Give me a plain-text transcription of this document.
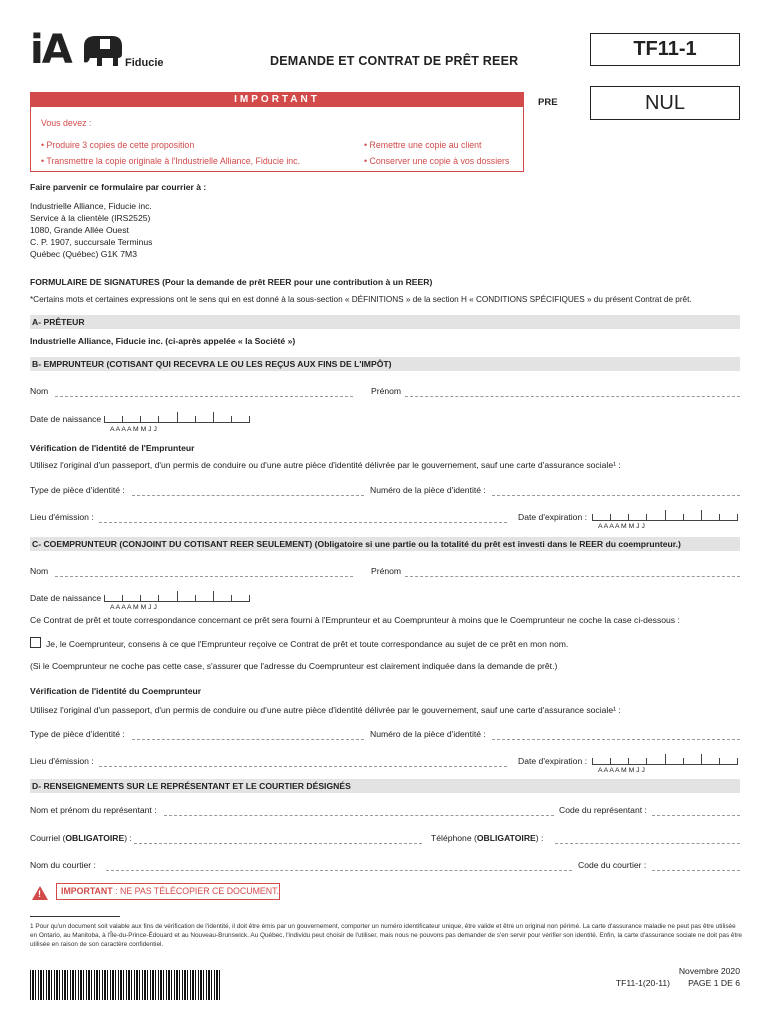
iA	Fiducie	DEMANDE ET CONTRAT DE PRÊT REER
TF11-1
PRE	NUL
IMPORTANT
Vous devez :
• Produire 3 copies de cette proposition	• Remettre une copie au client
• Transmettre la copie originale à l'Industrielle Alliance, Fiducie inc.	• Conserver une copie à vos dossiers
Faire parvenir ce formulaire par courrier à :
Industrielle Alliance, Fiducie inc.
Service à la clientèle (IRS2525)
1080, Grande Allée Ouest
C. P. 1907, succursale Terminus
Québec (Québec) G1K 7M3
FORMULAIRE DE SIGNATURES (Pour la demande de prêt REER pour une contribution à un REER)
*Certains mots et certaines expressions ont le sens qui en est donné à la sous-section « DÉFINITIONS » de la section H « CONDITIONS SPÉCIFIQUES » du présent Contrat de prêt.
A- PRÊTEUR
Industrielle Alliance, Fiducie inc. (ci-après appelée « la Société »)
B- EMPRUNTEUR (COTISANT QUI RECEVRA LE OU LES REÇUS AUX FINS DE L'IMPÔT)
Nom	Prénom
Date de naissance
A A A A M M J J
Vérification de l'identité de l'Emprunteur
Utilisez l'original d'un passeport, d'un permis de conduire ou d'une autre pièce d'identité délivrée par le gouvernement, sauf une carte d'assurance sociale¹ :
Type de pièce d'identité :	Numéro de la pièce d'identité :
Lieu d'émission :	Date d'expiration :
A A A A M M J J
C- COEMPRUNTEUR (CONJOINT DU COTISANT REER SEULEMENT) (Obligatoire si une partie ou la totalité du prêt est investi dans le REER du coemprunteur.)
Nom	Prénom
Date de naissance
A A A A M M J J
Ce Contrat de prêt et toute correspondance concernant ce prêt sera fourni à l'Emprunteur et au Coemprunteur à moins que le Coemprunteur ne coche la case ci-dessous :
Je, le Coemprunteur, consens à ce que l'Emprunteur reçoive ce Contrat de prêt et toute correspondance au sujet de ce prêt en mon nom.
(Si le Coemprunteur ne coche pas cette case, s'assurer que l'adresse du Coemprunteur est clairement indiquée dans la demande de prêt.)
Vérification de l'identité du Coemprunteur
Utilisez l'original d'un passeport, d'un permis de conduire ou d'une autre pièce d'identité délivrée par le gouvernement, sauf une carte d'assurance sociale¹ :
Type de pièce d'identité :	Numéro de la pièce d'identité :
Lieu d'émission :	Date d'expiration :
A A A A M M J J
D- RENSEIGNEMENTS SUR LE REPRÉSENTANT ET LE COURTIER DÉSIGNÉS
Nom et prénom du représentant :	Code du représentant :
Courriel (OBLIGATOIRE) :	Téléphone (OBLIGATOIRE) :
Nom du courtier :	Code du courtier :
!
IMPORTANT : NE PAS TÉLÉCOPIER CE DOCUMENT.
1 Pour qu'un document soit valable aux fins de vérification de l'identité, il doit être émis par un gouvernement, comporter un numéro identificateur unique, être valide et être un original non périmé. La carte d'assurance maladie ne peut pas être utilisée en Ontario, au Manitoba, à l'Île-du-Prince-Édouard et au Nouveau-Brunswick. Au Québec, l'individu peut choisir de l'utiliser, mais nous ne pouvons pas demander de s'en servir pour vérifier son identité. Enfin, la carte d'assurance sociale ne doit pas être utilisée en raison de son caractère confidentiel.
Novembre 2020
TF11-1(20-11)	PAGE 1 DE 6
